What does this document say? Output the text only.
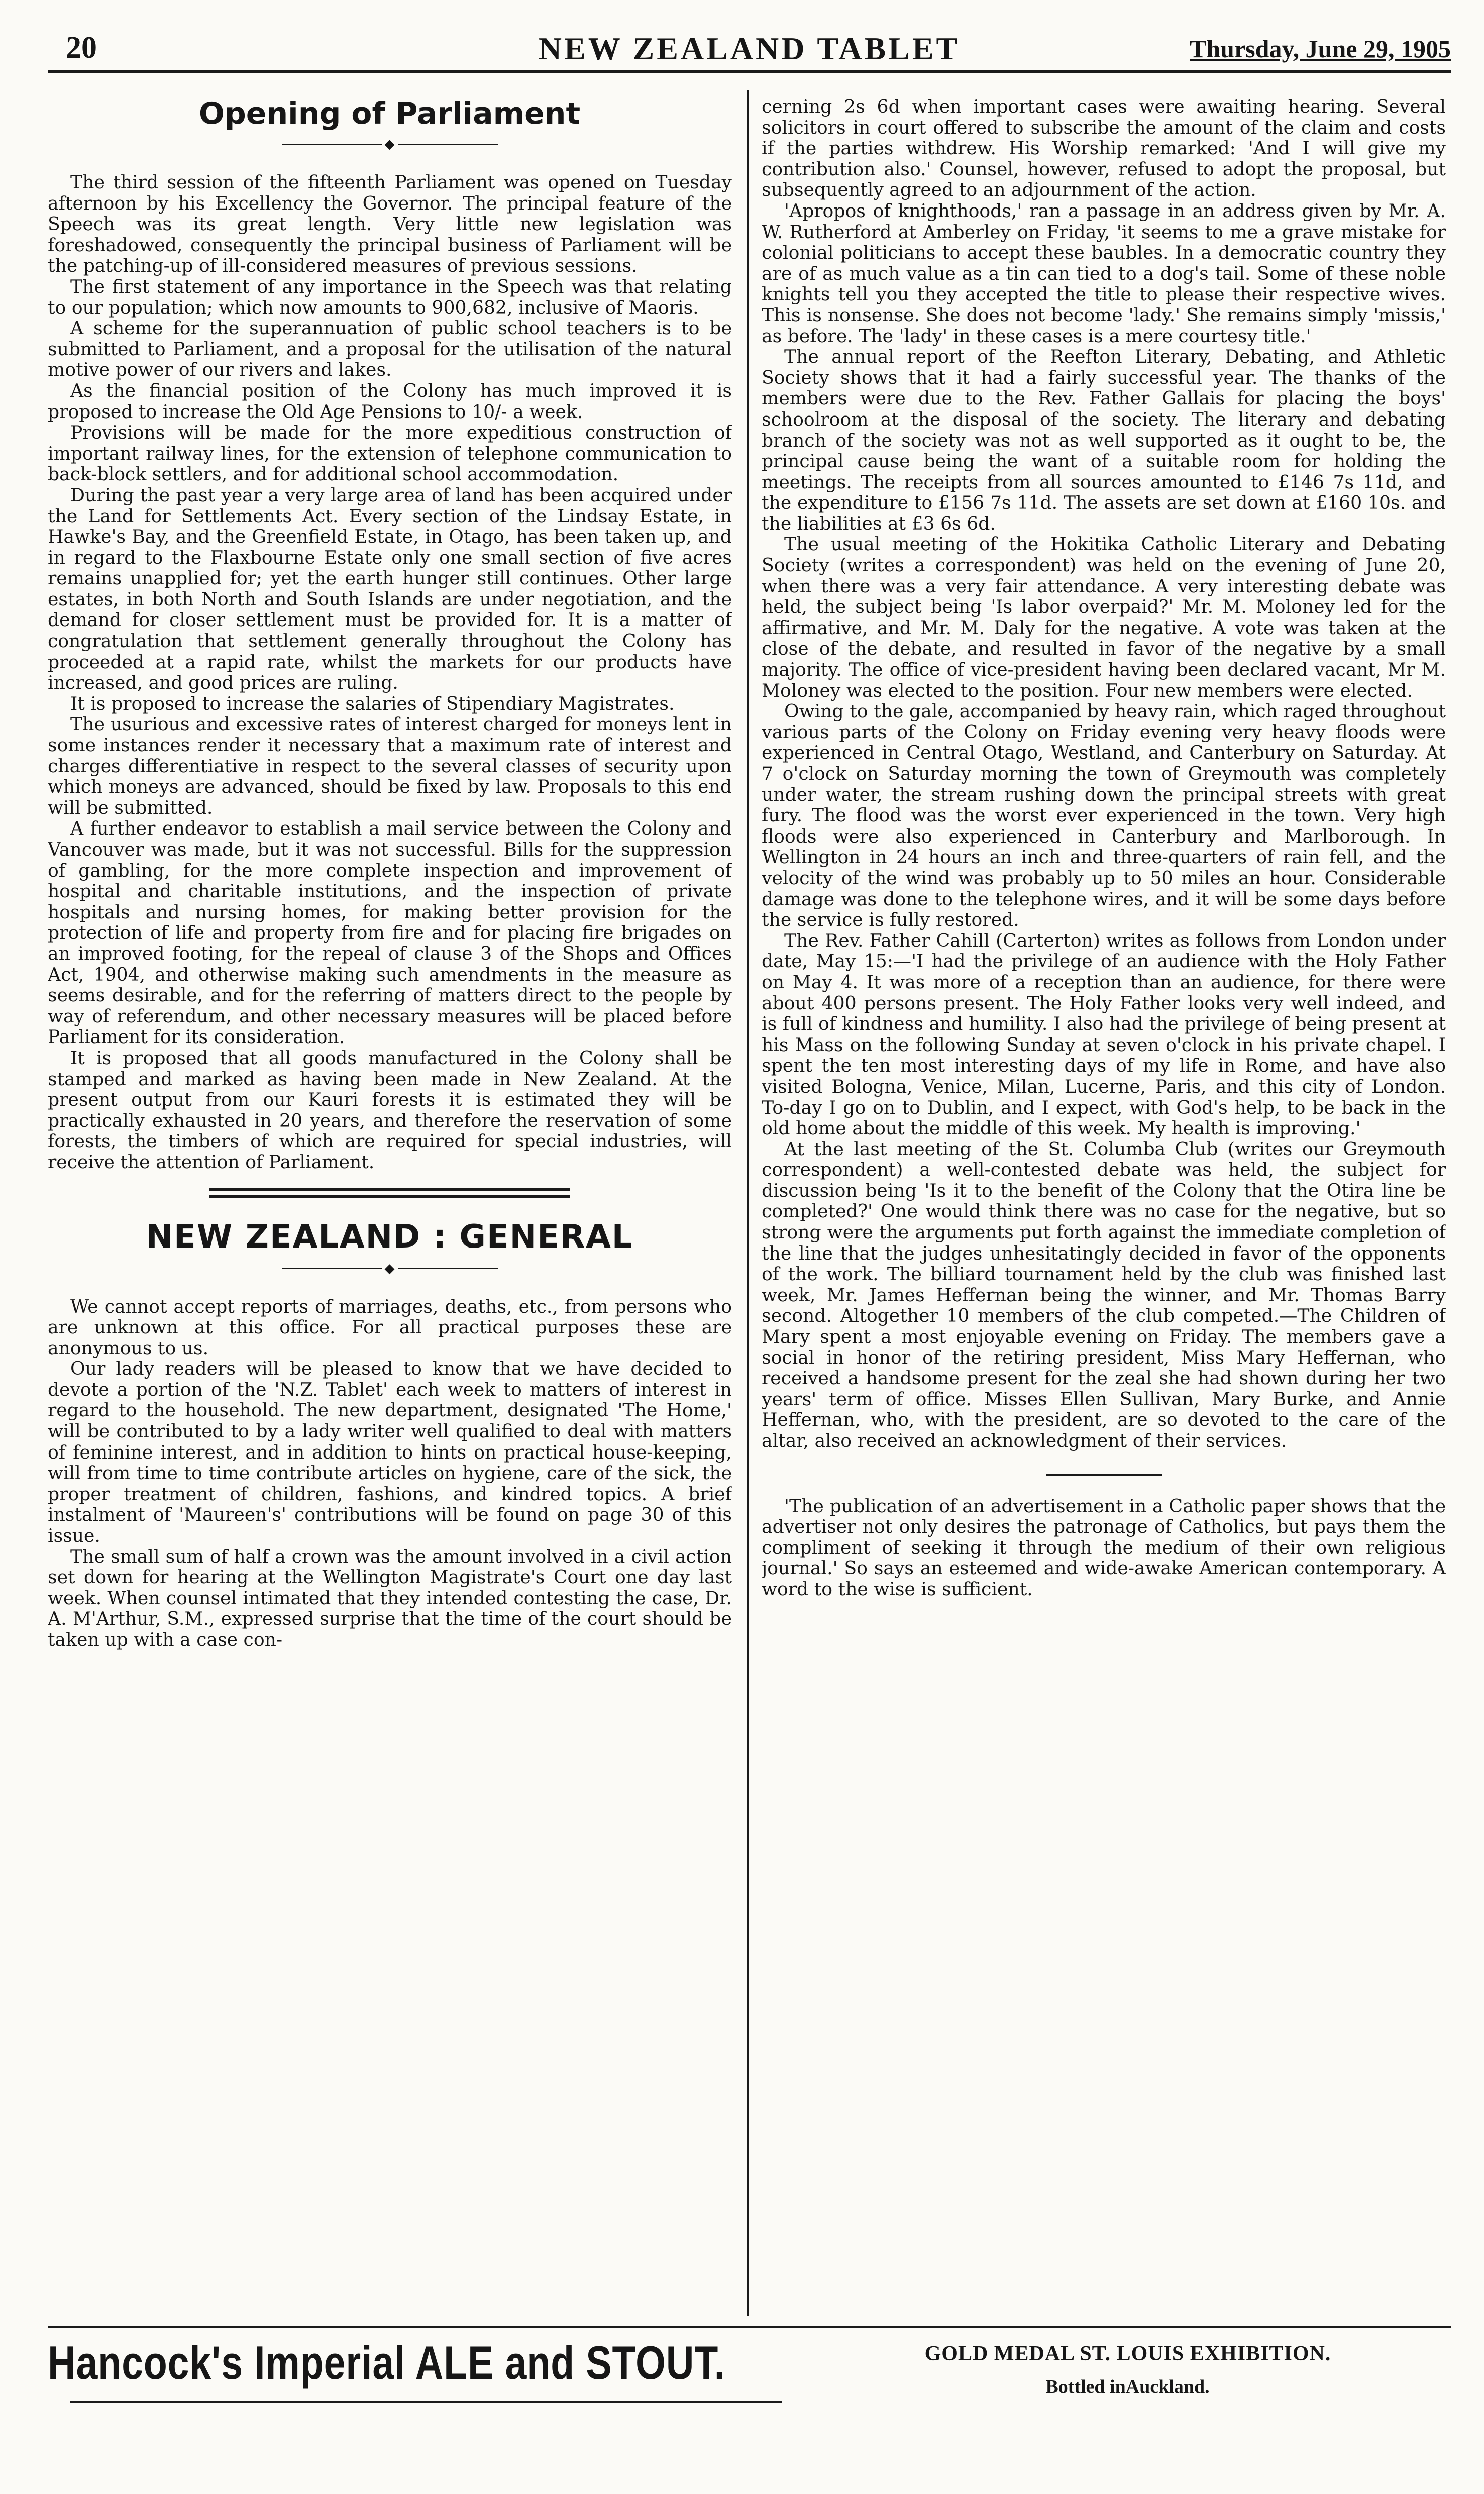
20	NEW ZEALAND TABLET	Thursday, June 29, 1905
Opening of Parliament
◆

The third session of the fifteenth Parliament was opened on Tuesday afternoon by his Excellency the Governor. The principal feature of the Speech was its great length. Very little new legislation was foreshadowed, consequently the principal business of Parliament will be the patching-up of ill-considered measures of previous sessions.

The first statement of any importance in the Speech was that relating to our population; which now amounts to 900,682, inclusive of Maoris.

A scheme for the superannuation of public school teachers is to be submitted to Parliament, and a proposal for the utilisation of the natural motive power of our rivers and lakes.

As the financial position of the Colony has much improved it is proposed to increase the Old Age Pensions to 10/- a week.

Provisions will be made for the more expeditious construction of important railway lines, for the extension of telephone communication to back-block settlers, and for additional school accommodation.

During the past year a very large area of land has been acquired under the Land for Settlements Act. Every section of the Lindsay Estate, in Hawke's Bay, and the Greenfield Estate, in Otago, has been taken up, and in regard to the Flaxbourne Estate only one small section of five acres remains unapplied for; yet the earth hunger still continues. Other large estates, in both North and South Islands are under negotiation, and the demand for closer settlement must be provided for. It is a matter of congratulation that settlement generally throughout the Colony has proceeded at a rapid rate, whilst the markets for our products have increased, and good prices are ruling.

It is proposed to increase the salaries of Stipendiary Magistrates.

The usurious and excessive rates of interest charged for moneys lent in some instances render it necessary that a maximum rate of interest and charges differentiative in respect to the several classes of security upon which moneys are advanced, should be fixed by law. Proposals to this end will be submitted.

A further endeavor to establish a mail service between the Colony and Vancouver was made, but it was not successful. Bills for the suppression of gambling, for the more complete inspection and improvement of hospital and charitable institutions, and the inspection of private hospitals and nursing homes, for making better provision for the protection of life and property from fire and for placing fire brigades on an improved footing, for the repeal of clause 3 of the Shops and Offices Act, 1904, and otherwise making such amendments in the measure as seems desirable, and for the referring of matters direct to the people by way of referendum, and other necessary measures will be placed before Parliament for its consideration.

It is proposed that all goods manufactured in the Colony shall be stamped and marked as having been made in New Zealand. At the present output from our Kauri forests it is estimated they will be practically exhausted in 20 years, and therefore the reservation of some forests, the timbers of which are required for special industries, will receive the attention of Parliament.

NEW ZEALAND : GENERAL
◆

We cannot accept reports of marriages, deaths, etc., from persons who are unknown at this office. For all practical purposes these are anonymous to us.

Our lady readers will be pleased to know that we have decided to devote a portion of the 'N.Z. Tablet' each week to matters of interest in regard to the household. The new department, designated 'The Home,' will be contributed to by a lady writer well qualified to deal with matters of feminine interest, and in addition to hints on practical house-keeping, will from time to time contribute articles on hygiene, care of the sick, the proper treatment of children, fashions, and kindred topics. A brief instalment of 'Maureen's' contributions will be found on page 30 of this issue.

The small sum of half a crown was the amount involved in a civil action set down for hearing at the Wellington Magistrate's Court one day last week. When counsel intimated that they intended contesting the case, Dr. A. M'Arthur, S.M., expressed surprise that the time of the court should be taken up with a case con-

cerning 2s 6d when important cases were awaiting hearing. Several solicitors in court offered to subscribe the amount of the claim and costs if the parties withdrew. His Worship remarked: 'And I will give my contribution also.' Counsel, however, refused to adopt the proposal, but subsequently agreed to an adjournment of the action.

'Apropos of knighthoods,' ran a passage in an address given by Mr. A. W. Rutherford at Amberley on Friday, 'it seems to me a grave mistake for colonial politicians to accept these baubles. In a democratic country they are of as much value as a tin can tied to a dog's tail. Some of these noble knights tell you they accepted the title to please their respective wives. This is nonsense. She does not become 'lady.' She remains simply 'missis,' as before. The 'lady' in these cases is a mere courtesy title.'

The annual report of the Reefton Literary, Debating, and Athletic Society shows that it had a fairly successful year. The thanks of the members were due to the Rev. Father Gallais for placing the boys' schoolroom at the disposal of the society. The literary and debating branch of the society was not as well supported as it ought to be, the principal cause being the want of a suitable room for holding the meetings. The receipts from all sources amounted to £146 7s 11d, and the expenditure to £156 7s 11d. The assets are set down at £160 10s. and the liabilities at £3 6s 6d.

The usual meeting of the Hokitika Catholic Literary and Debating Society (writes a correspondent) was held on the evening of June 20, when there was a very fair attendance. A very interesting debate was held, the subject being 'Is labor overpaid?' Mr. M. Moloney led for the affirmative, and Mr. M. Daly for the negative. A vote was taken at the close of the debate, and resulted in favor of the negative by a small majority. The office of vice-president having been declared vacant, Mr M. Moloney was elected to the position. Four new members were elected.

Owing to the gale, accompanied by heavy rain, which raged throughout various parts of the Colony on Friday evening very heavy floods were experienced in Central Otago, Westland, and Canterbury on Saturday. At 7 o'clock on Saturday morning the town of Greymouth was completely under water, the stream rushing down the principal streets with great fury. The flood was the worst ever experienced in the town. Very high floods were also experienced in Canterbury and Marlborough. In Wellington in 24 hours an inch and three-quarters of rain fell, and the velocity of the wind was probably up to 50 miles an hour. Considerable damage was done to the telephone wires, and it will be some days before the service is fully restored.

The Rev. Father Cahill (Carterton) writes as follows from London under date, May 15:—'I had the privilege of an audience with the Holy Father on May 4. It was more of a reception than an audience, for there were about 400 persons present. The Holy Father looks very well indeed, and is full of kindness and humility. I also had the privilege of being present at his Mass on the following Sunday at seven o'clock in his private chapel. I spent the ten most interesting days of my life in Rome, and have also visited Bologna, Venice, Milan, Lucerne, Paris, and this city of London. To-day I go on to Dublin, and I expect, with God's help, to be back in the old home about the middle of this week. My health is improving.'

At the last meeting of the St. Columba Club (writes our Greymouth correspondent) a well-contested debate was held, the subject for discussion being 'Is it to the benefit of the Colony that the Otira line be completed?' One would think there was no case for the negative, but so strong were the arguments put forth against the immediate completion of the line that the judges unhesitatingly decided in favor of the opponents of the work. The billiard tournament held by the club was finished last week, Mr. James Heffernan being the winner, and Mr. Thomas Barry second. Altogether 10 members of the club competed.—The Children of Mary spent a most enjoyable evening on Friday. The members gave a social in honor of the retiring president, Miss Mary Heffernan, who received a handsome present for the zeal she had shown during her two years' term of office. Misses Ellen Sullivan, Mary Burke, and Annie Heffernan, who, with the president, are so devoted to the care of the altar, also received an acknowledgment of their services.

'The publication of an advertisement in a Catholic paper shows that the advertiser not only desires the patronage of Catholics, but pays them the compliment of seeking it through the medium of their own religious journal.' So says an esteemed and wide-awake American contemporary. A word to the wise is sufficient.

Hancock's Imperial ALE and STOUT.	GOLD MEDAL ST. LOUIS EXHIBITION.
Bottled inAuckland.
